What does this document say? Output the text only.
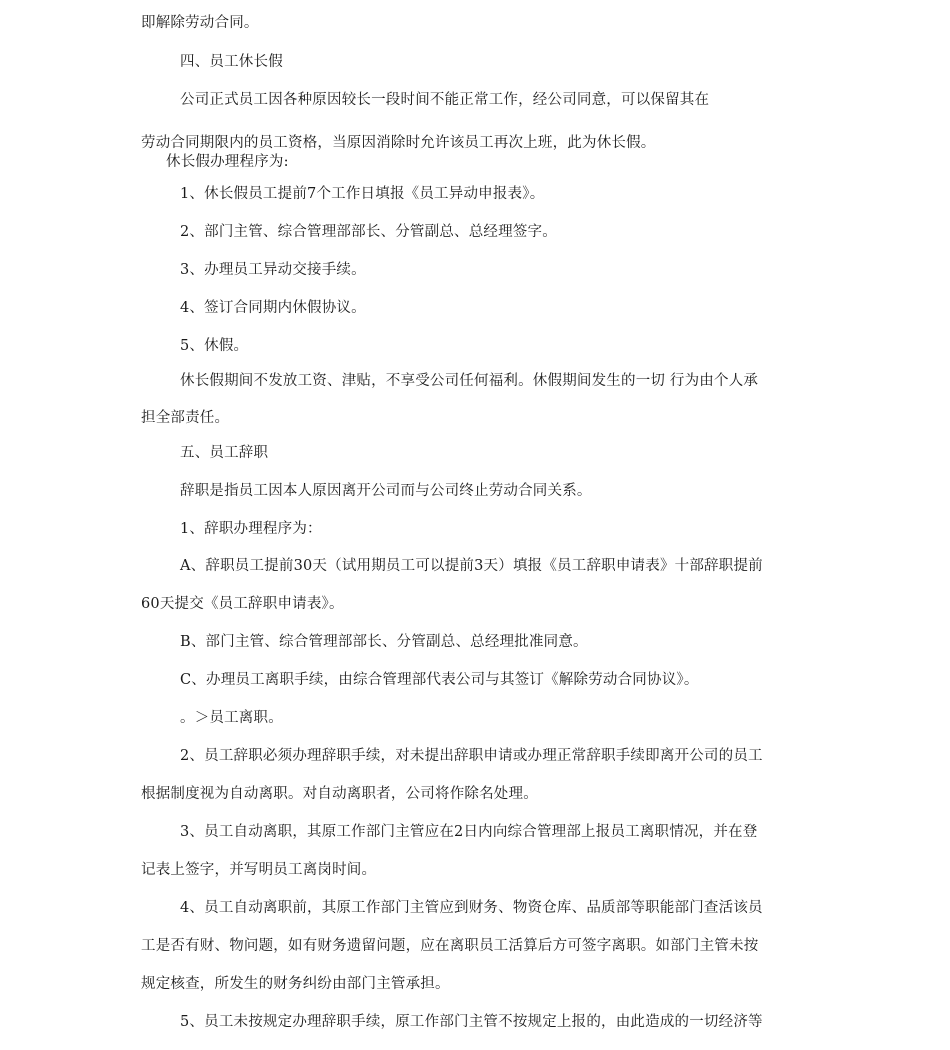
即解除劳动合同。
四、员工休长假
公司正式员工因各种原因较长一段时间不能正常工作，经公司同意，可以保留其在
劳动合同期限内的员工资格，当原因消除时允许该员工再次上班，此为休长假。
休长假办理程序为:
1、休长假员工提前7个工作日填报《员工异动申报表》。
2、部门主管、综合管理部部长、分管副总、总经理签字。
3、办理员工异动交接手续。
4、签订合同期内休假协议。
5、休假。
休长假期间不发放工资、津贴，不享受公司任何福利。休假期间发生的一切 行为由个人承
担全部责任。
五、员工辞职
辞职是指员工因本人原因离开公司而与公司终止劳动合同关系。
1、辞职办理程序为：
A、辞职员工提前30天（试用期员工可以提前3天）填报《员工辞职申请表》十部辞职提前
60天提交《员工辞职申请表》。
B、部门主管、综合管理部部长、分管副总、总经理批准同意。
C、办理员工离职手续，由综合管理部代表公司与其签订《解除劳动合同协议》。
。＞员工离职。
2、员工辞职必须办理辞职手续，对未提出辞职申请或办理正常辞职手续即离开公司的员工
根据制度视为自动离职。对自动离职者，公司将作除名处理。
3、员工自动离职，其原工作部门主管应在2日内向综合管理部上报员工离职情况，并在登
记表上签字，并写明员工离岗时间。
4、员工自动离职前，其原工作部门主管应到财务、物资仓库、品质部等职能部门查活该员
工是否有财、物问题，如有财务遗留问题，应在离职员工活算后方可签字离职。如部门主管未按
规定核查，所发生的财务纠纷由部门主管承担。
5、员工未按规定办理辞职手续，原工作部门主管不按规定上报的，由此造成的一切经济等
